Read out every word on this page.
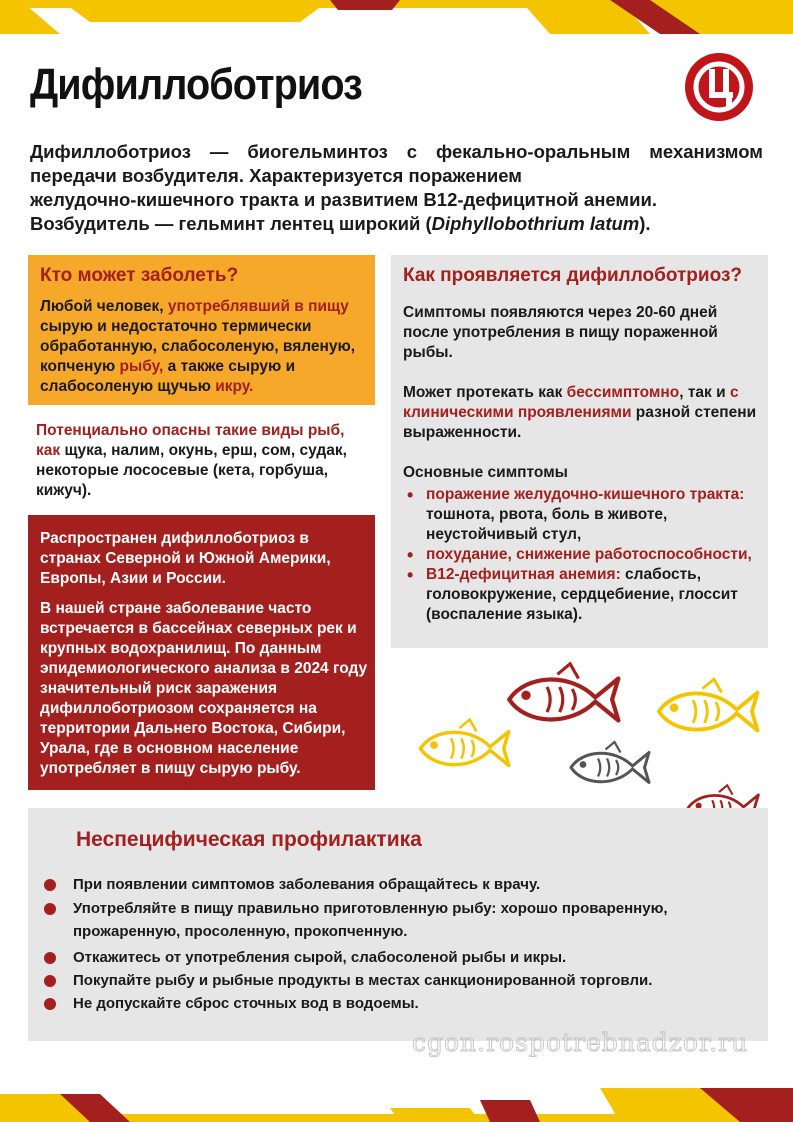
Дифиллоботриоз
Дифиллоботриоз — биогельминтоз с фекально-оральным механизмом
передачи возбудителя. Характеризуется поражением
желудочно-кишечного тракта и развитием В12-дефицитной анемии.
Возбудитель — гельминт лентец широкий (Diphyllobothrium latum).
Кто может заболеть?

Любой человек, употреблявший в пищу сырую и недостаточно термически обработанную, слабосоленую, вяленую, копченую рыбу, а также сырую и слабосоленую щучью икру.

Потенциально опасны такие виды рыб, как щука, налим, окунь, ерш, сом, судак, некоторые лососевые (кета, горбуша, кижуч).

Распространен дифиллоботриоз в странах Северной и Южной Америки, Европы, Азии и России.

В нашей стране заболевание часто встречается в бассейнах северных рек и крупных водохранилищ. По данным эпидемиологического анализа в 2024 году значительный риск заражения дифиллоботриозом сохраняется на территории Дальнего Востока, Сибири, Урала, где в основном население употребляет в пищу сырую рыбу.

Как проявляется дифиллоботриоз?

Симптомы появляются через 20-60 дней после употребления в пищу пораженной рыбы.

Может протекать как бессимптомно, так и с клиническими проявлениями разной степени выраженности.

Основные симптомы

• поражение желудочно-кишечного тракта: тошнота, рвота, боль в животе, неустойчивый стул,
• похудание, снижение работоспособности,
• В12-дефицитная анемия: слабость, головокружение, сердцебиение, глоссит (воспаление языка).
Неспецифическая профилактика
При появлении симптомов заболевания обращайтесь к врачу.
Употребляйте в пищу правильно приготовленную рыбу: хорошо проваренную, прожаренную, просоленную, прокопченную.
Откажитесь от употребления сырой, слабосоленой рыбы и икры.
Покупайте рыбу и рыбные продукты в местах санкционированной торговли.
Не допускайте сброс сточных вод в водоемы.
cgon.rospotrebnadzor.ru
